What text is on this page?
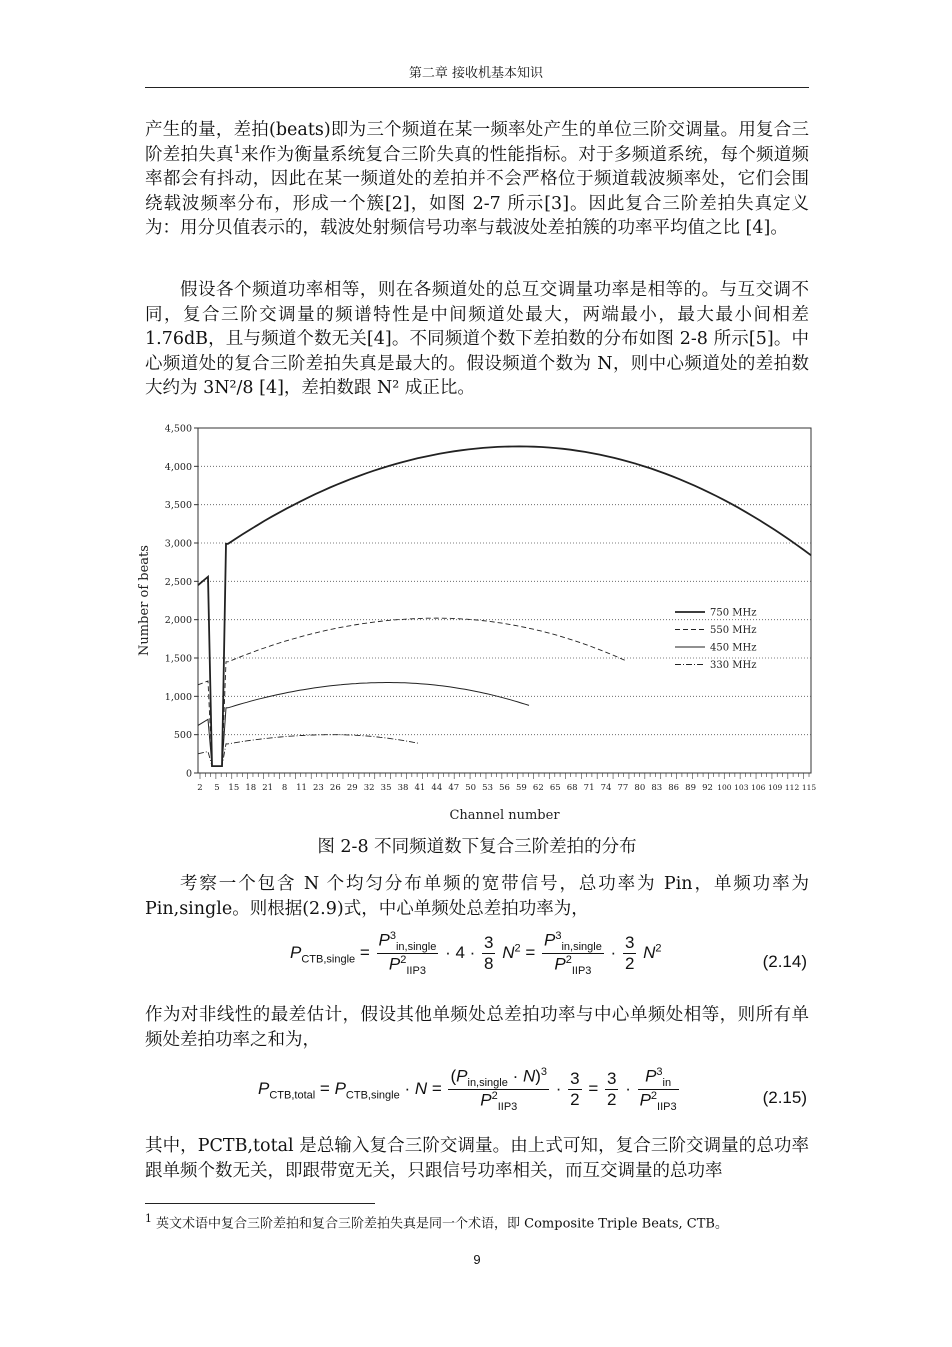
第二章 接收机基本知识

产生的量，差拍(beats)即为三个频道在某一频率处产生的单位三阶交调量。用复合三阶差拍失真$^1$来作为衡量系统复合三阶失真的性能指标。对于多频道系统，每个频道频率都会有抖动，因此在某一频道处的差拍并不会严格位于频道载波频率处，它们会围绕载波频率分布，形成一个簇[2]，如图 2-7 所示[3]。因此复合三阶差拍失真定义为：用分贝值表示的，载波处射频信号功率与载波处差拍簇的功率平均值之比 [4]。

假设各个频道功率相等，则在各频道处的总互交调量功率是相等的。与互交调不同，复合三阶交调量的频谱特性是中间频道处最大，两端最小，最大最小间相差 1.76dB，且与频道个数无关[4]。不同频道个数下差拍数的分布如图 2-8 所示[5]。中心频道处的复合三阶差拍失真是最大的。假设频道个数为 N，则中心频道处的差拍数大约为 3N²/8 [4]，差拍数跟 N² 成正比。

0
500
1,000
1,500
2,000
2,500
3,000
3,500
4,000
4,500
2 5 15 18 21 8 11 23 26 29 32 35 38 41 44 47 50 53 56 59 62 65 68 71 74 77 80 83 86 89 92 100 103 106 109 112 115
Channel number
Number of beats	750 MHz
550 MHz
450 MHz
330 MHz
图 2-8 不同频道数下复合三阶差拍的分布

考察一个包含 N 个均匀分布单频的宽带信号，总功率为 Pin，单频功率为 Pin,single。则根据(2.9)式，中心单频处总差拍功率为，

$P_{CTB,single} = \frac{P^3_{in,single}}{P^2_{IIP3}} \cdot 4 \cdot \frac{3}{8} N^2 = \frac{P^3_{in,single}}{P^2_{IIP3}} \cdot \frac{3}{2} N^2$
(2.14)

作为对非线性的最差估计，假设其他单频处总差拍功率与中心单频处相等，则所有单频处差拍功率之和为，

$P_{CTB,total} = P_{CTB,single} \cdot N = \frac{(P_{in,single} \cdot N)^3}{P^2_{IIP3}} \cdot \frac{3}{2} = \frac{3}{2} \cdot \frac{P^3_{in}}{P^2_{IIP3}}$	(2.15)

其中，PCTB,total 是总输入复合三阶交调量。由上式可知，复合三阶交调量的总功率跟单频个数无关，即跟带宽无关，只跟信号功率相关，而互交调量的总功率

$^1$ 英文术语中复合三阶差拍和复合三阶差拍失真是同一个术语，即 Composite Triple Beats, CTB。
9
